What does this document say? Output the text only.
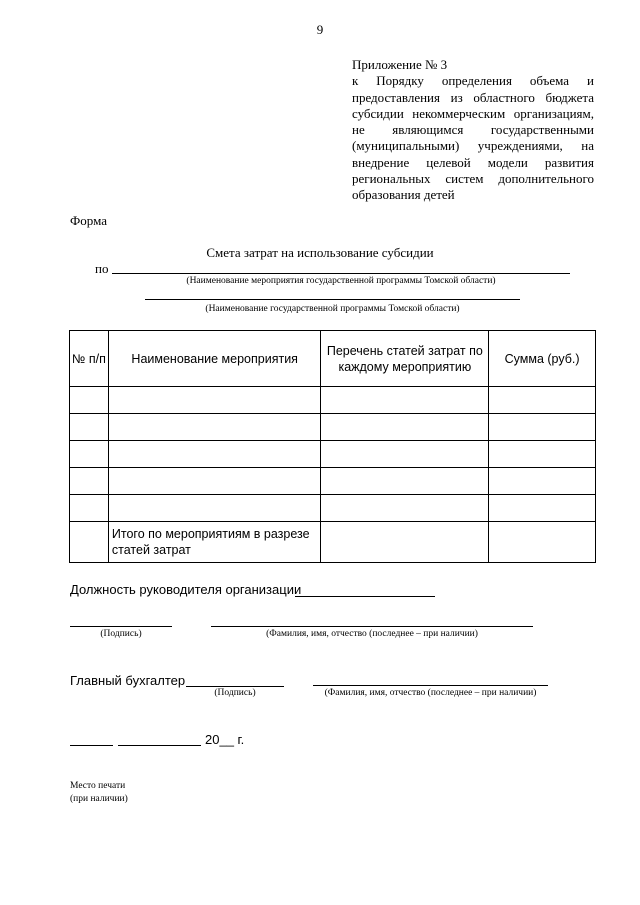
9
Приложение № 3
к Порядку определения объема и предоставления из областного бюджета субсидии некоммерческим организациям, не являющимся государственными (муниципальными) учреждениями, на внедрение целевой модели развития региональных систем дополнительного образования детей
Форма
Смета затрат на использование субсидии
по
(Наименование мероприятия государственной программы Томской области)
(Наименование государственной программы Томской области)
№ п/п	Наименование мероприятия	Перечень статей затрат по каждому мероприятию	Сумма (руб.)

	Итого по мероприятиям в разрезе статей затрат		
Должность руководителя организации
(Подпись)	(Фамилия, имя, отчество (последнее – при наличии)
Главный бухгалтер
(Подпись)	(Фамилия, имя, отчество (последнее – при наличии)
20__ г.
Место печати
(при наличии)
